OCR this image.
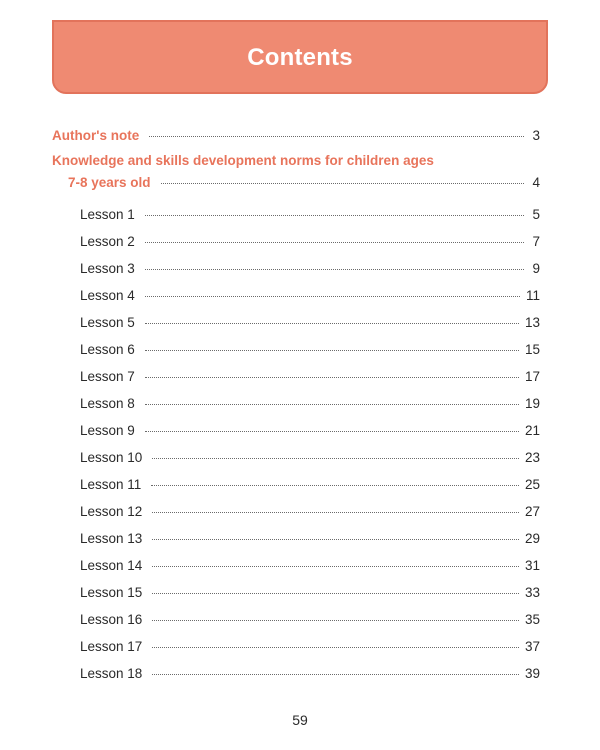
Contents
Author's note	3
Knowledge and skills development norms for children ages
7-8 years old	4
Lesson 1	5
Lesson 2	7
Lesson 3	9
Lesson 4	11
Lesson 5	13
Lesson 6	15
Lesson 7	17
Lesson 8	19
Lesson 9	21
Lesson 10	23
Lesson 11	25
Lesson 12	27
Lesson 13	29
Lesson 14	31
Lesson 15	33
Lesson 16	35
Lesson 17	37
Lesson 18	39
59
